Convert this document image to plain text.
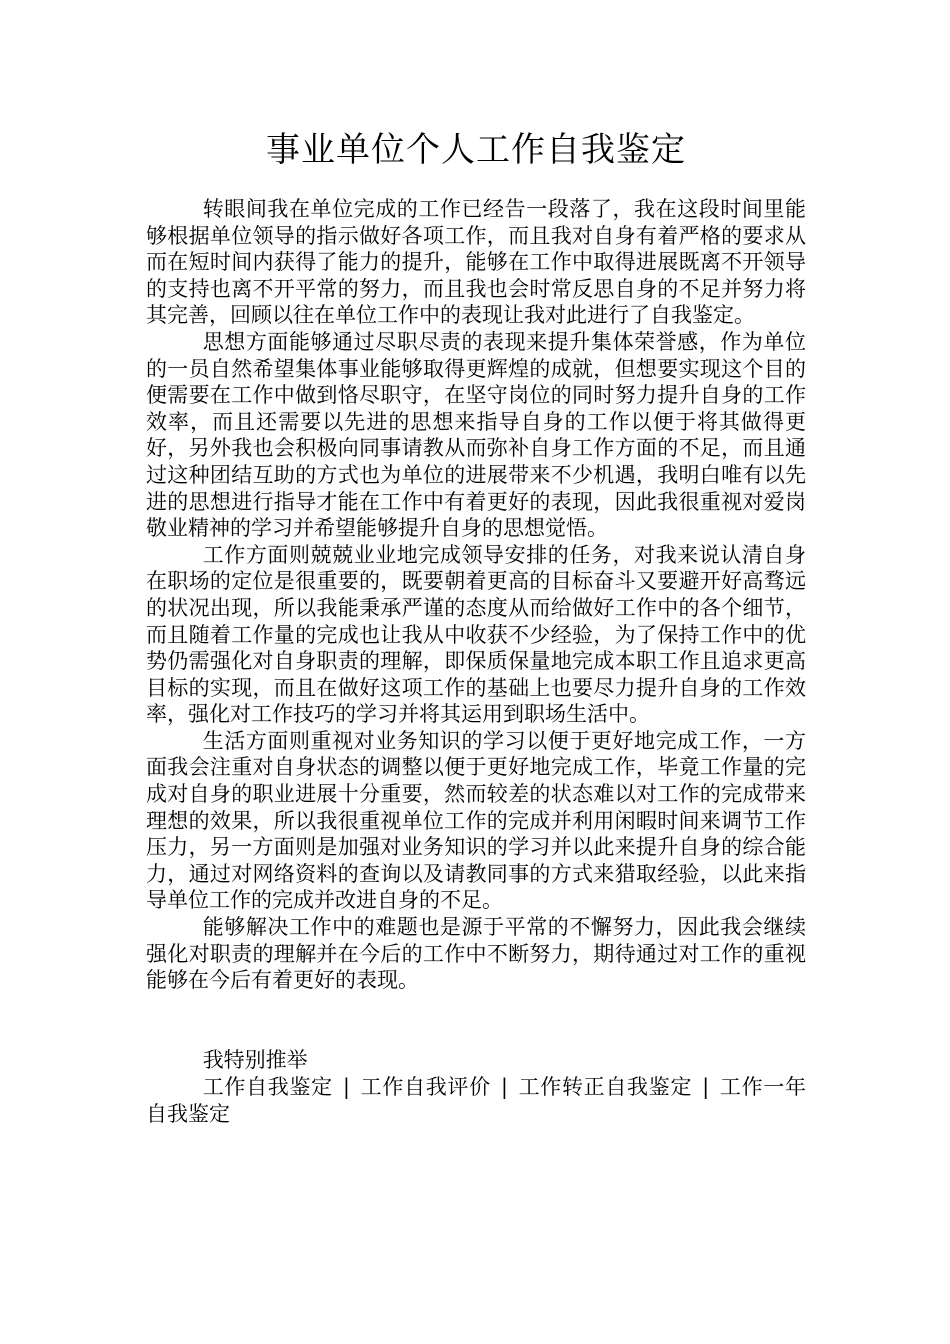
事业单位个人工作自我鉴定

转眼间我在单位完成的工作已经告一段落了，我在这段时间里能够根据单位领导的指示做好各项工作，而且我对自身有着严格的要求从而在短时间内获得了能力的提升，能够在工作中取得进展既离不开领导的支持也离不开平常的努力，而且我也会时常反思自身的不足并努力将其完善，回顾以往在单位工作中的表现让我对此进行了自我鉴定。

思想方面能够通过尽职尽责的表现来提升集体荣誉感，作为单位的一员自然希望集体事业能够取得更辉煌的成就，但想要实现这个目的便需要在工作中做到恪尽职守，在坚守岗位的同时努力提升自身的工作效率，而且还需要以先进的思想来指导自身的工作以便于将其做得更好，另外我也会积极向同事请教从而弥补自身工作方面的不足，而且通过这种团结互助的方式也为单位的进展带来不少机遇，我明白唯有以先进的思想进行指导才能在工作中有着更好的表现，因此我很重视对爱岗敬业精神的学习并希望能够提升自身的思想觉悟。

工作方面则兢兢业业地完成领导安排的任务，对我来说认清自身在职场的定位是很重要的，既要朝着更高的目标奋斗又要避开好高骛远的状况出现，所以我能秉承严谨的态度从而给做好工作中的各个细节，而且随着工作量的完成也让我从中收获不少经验，为了保持工作中的优势仍需强化对自身职责的理解，即保质保量地完成本职工作且追求更高目标的实现，而且在做好这项工作的基础上也要尽力提升自身的工作效率，强化对工作技巧的学习并将其运用到职场生活中。

生活方面则重视对业务知识的学习以便于更好地完成工作，一方面我会注重对自身状态的调整以便于更好地完成工作，毕竟工作量的完成对自身的职业进展十分重要，然而较差的状态难以对工作的完成带来理想的效果，所以我很重视单位工作的完成并利用闲暇时间来调节工作压力，另一方面则是加强对业务知识的学习并以此来提升自身的综合能力，通过对网络资料的查询以及请教同事的方式来猎取经验，以此来指导单位工作的完成并改进自身的不足。

能够解决工作中的难题也是源于平常的不懈努力，因此我会继续强化对职责的理解并在今后的工作中不断努力，期待通过对工作的重视能够在今后有着更好的表现。

我特别推举

工作自我鉴定 | 工作自我评价 | 工作转正自我鉴定 | 工作一年自我鉴定
